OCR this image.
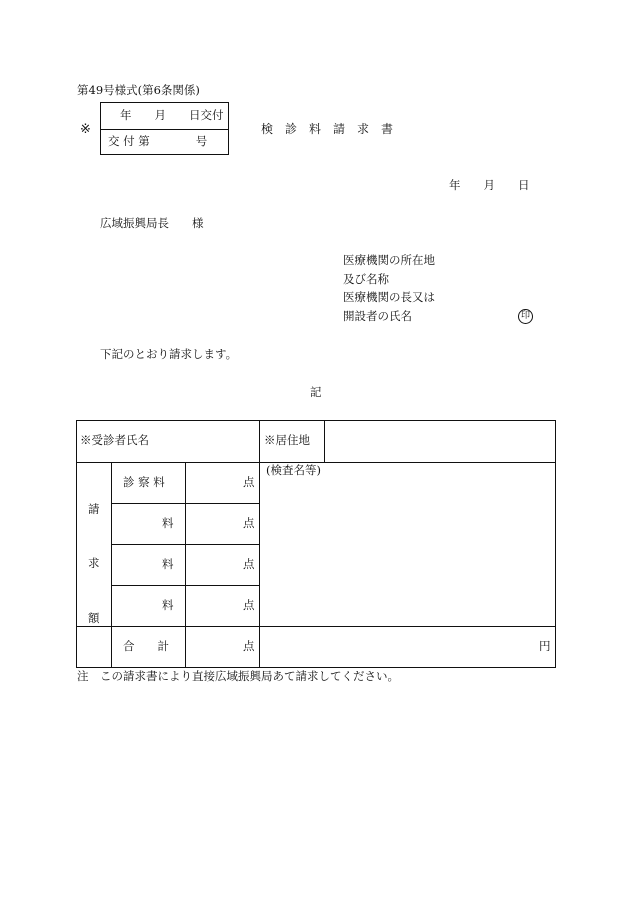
第49号様式(第6条関係)
※
年　　月　　日交付
交 付 第　　　　号
検　診　料　請　求　書
年　　月　　日
広域振興局長　　様
医療機関の所在地
及び名称
医療機関の長又は
開設者の氏名	印
下記のとおり請求します。
記
※受診者氏名	※居住地
請
求
額
(検査名等)
診 察 料	点
料	点
料	点
料	点
合　　計	点	円
注　この請求書により直接広域振興局あて請求してください。
